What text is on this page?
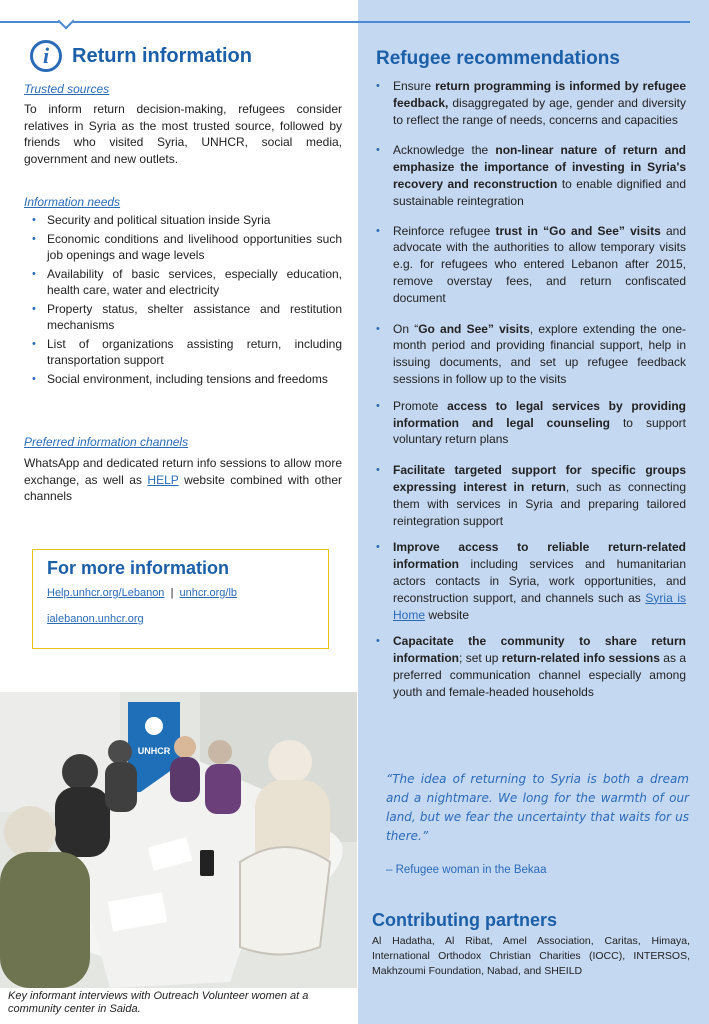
i	Return information
Trusted sources
To inform return decision-making, refugees consider relatives in Syria as the most trusted source, followed by friends who visited Syria, UNHCR, social media, government and new outlets.
Information needs
• Security and political situation inside Syria
• Economic conditions and livelihood opportunities such job openings and wage levels
• Availability of basic services, especially education, health care, water and electricity
• Property status, shelter assistance and restitution mechanisms
• List of organizations assisting return, including transportation support
• Social environment, including tensions and freedoms
Preferred information channels
WhatsApp and dedicated return info sessions to allow more exchange, as well as HELP website combined with other channels
For more information
Help.unhcr.org/Lebanon | unhcr.org/lb
ialebanon.unhcr.org
UNHCR
Key informant interviews with Outreach Volunteer women at a community center in Saida.
Refugee recommendations
• Ensure return programming is informed by refugee feedback, disaggregated by age, gender and diversity to reflect the range of needs, concerns and capacities
• Acknowledge the non-linear nature of return and emphasize the importance of investing in Syria's recovery and reconstruction to enable dignified and sustainable reintegration
• Reinforce refugee trust in “Go and See” visits and advocate with the authorities to allow temporary visits e.g. for refugees who entered Lebanon after 2015, remove overstay fees, and return confiscated document
• On “Go and See” visits, explore extending the one-month period and providing financial support, help in issuing documents, and set up refugee feedback sessions in follow up to the visits
• Promote access to legal services by providing information and legal counseling to support voluntary return plans
• Facilitate targeted support for specific groups expressing interest in return, such as connecting them with services in Syria and preparing tailored reintegration support
• Improve access to reliable return-related information including services and humanitarian actors contacts in Syria, work opportunities, and reconstruction support, and channels such as Syria is Home website
• Capacitate the community to share return information; set up return-related info sessions as a preferred communication channel especially among youth and female-headed households
“The idea of returning to Syria is both a dream and a nightmare. We long for the warmth of our land, but we fear the uncertainty that waits for us there.”
– Refugee woman in the Bekaa
Contributing partners
Al Hadatha, Al Ribat, Amel Association, Caritas, Himaya, International Orthodox Christian Charities (IOCC), INTERSOS, Makhzoumi Foundation, Nabad, and SHEILD
